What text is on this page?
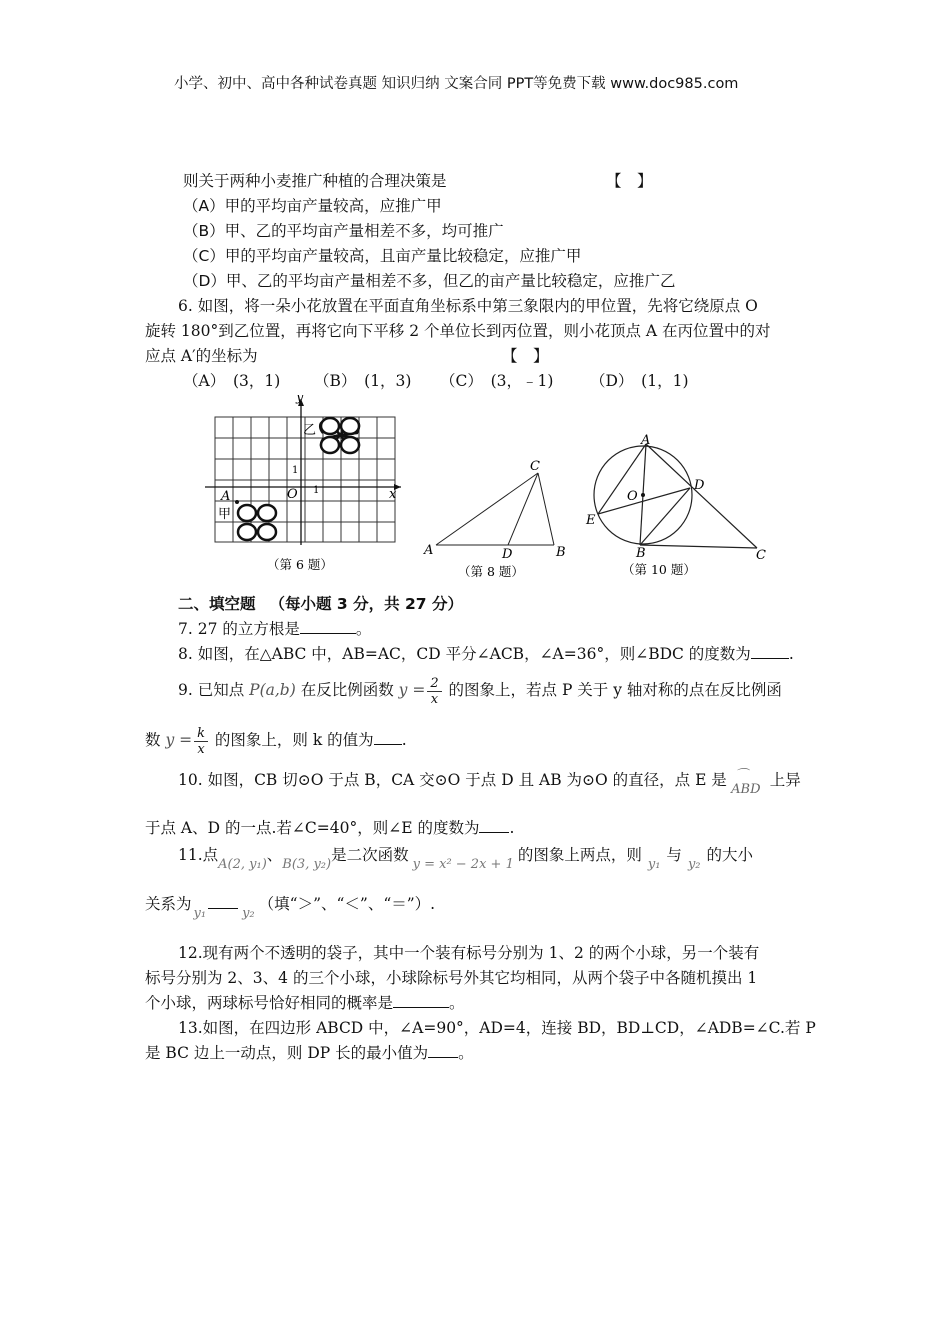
小学、初中、高中各种试卷真题 知识归纳 文案合同 PPT等免费下载 www.doc985.com
则关于两种小麦推广种植的合理决策是	【　】
（A）甲的平均亩产量较高，应推广甲
（B）甲、乙的平均亩产量相差不多，均可推广
（C）甲的平均亩产量较高，且亩产量比较稳定，应推广甲
（D）甲、乙的平均亩产量相差不多，但乙的亩产量比较稳定，应推广乙
6. 如图，将一朵小花放置在平面直角坐标系中第三象限内的甲位置，先将它绕原点 O
旋转 180°到乙位置，再将它向下平移 2 个单位长到丙位置，则小花顶点 A 在丙位置中的对
应点 A′的坐标为	【　】
（A）　(3，1) （B）　(1，3) （C）　(3，﹣1) （D）　(1，1)
y
x
O 1
1
A
甲
乙
（第 6 题）
C
A	D	B
（第 8 题）
A
D
O
E
B	C
（第 10 题）
二、填空题 （每小题 3 分，共 27 分）
7. 27 的立方根是	。
8. 如图，在△ABC 中，AB=AC，CD 平分∠ACB，∠A=36°，则∠BDC 的度数为 .
9. 已知点 P(a,b) 在反比例函数 $y = \frac{2}{x}$ 的图象上，若点 P 关于 y 轴对称的点在反比例函
数 $y = \frac{k}{x}$ 的图象上，则 k 的值为 .
10. 如图，CB 切⊙O 于点 B，CA 交⊙O 于点 D 且 AB 为⊙O 的直径，点 E 是 ⌒
ABD 上异
于点 A、D 的一点.若∠C=40°，则∠E 的度数为 .
11.点$_{A(2, y_1)}$、$_{B(3, y_2)}$是二次函数$_{y = x^2 - 2x + 1}$的图象上两点，则$_{y_1}$与$_{y_2}$的大小
关系为$_{y_1}$	$_{y_2}$（填“＞”、“＜”、“＝”）.
12.现有两个不透明的袋子，其中一个装有标号分别为 1、2 的两个小球，另一个装有
标号分别为 2、3、4 的三个小球，小球除标号外其它均相同，从两个袋子中各随机摸出 1
个小球，两球标号恰好相同的概率是	。
13.如图，在四边形 ABCD 中，∠A=90°，AD=4，连接 BD，BD⊥CD，∠ADB=∠C.若 P
是 BC 边上一动点，则 DP 长的最小值为 。
